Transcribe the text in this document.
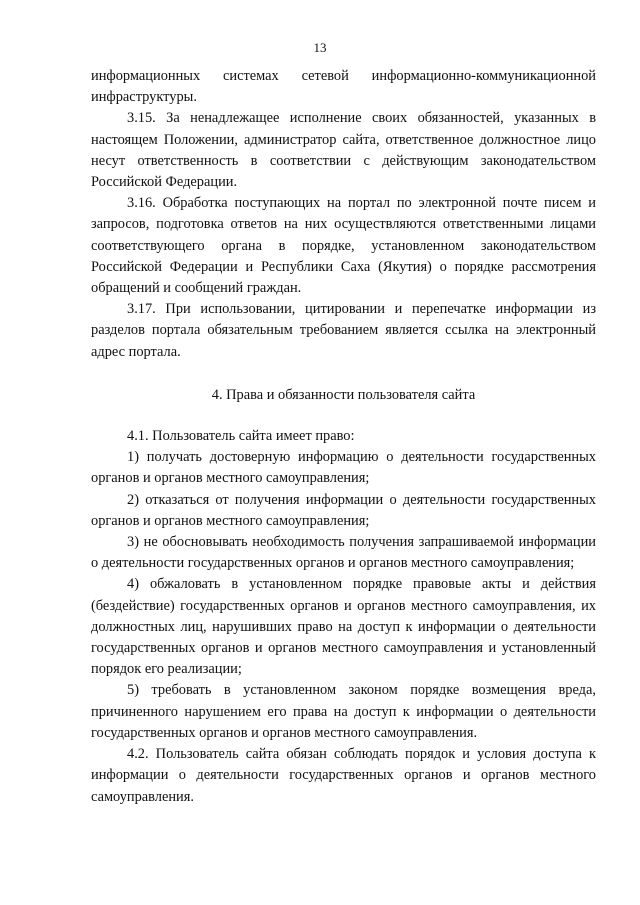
13

информационных системах сетевой информационно-коммуникационной инфраструктуры.

3.15. За ненадлежащее исполнение своих обязанностей, указанных в настоящем Положении, администратор сайта, ответственное должностное лицо несут ответственность в соответствии с действующим законодательством Российской Федерации.

3.16. Обработка поступающих на портал по электронной почте писем и запросов, подготовка ответов на них осуществляются ответственными лицами соответствующего органа в порядке, установленном законодательством Российской Федерации и Республики Саха (Якутия) о порядке рассмотрения обращений и сообщений граждан.

3.17. При использовании, цитировании и перепечатке информации из разделов портала обязательным требованием является ссылка на электронный адрес портала.

4. Права и обязанности пользователя сайта

4.1. Пользователь сайта имеет право:

1) получать достоверную информацию о деятельности государственных органов и органов местного самоуправления;

2) отказаться от получения информации о деятельности государственных органов и органов местного самоуправления;

3) не обосновывать необходимость получения запрашиваемой информации о деятельности государственных органов и органов местного самоуправления;

4) обжаловать в установленном порядке правовые акты и действия (бездействие) государственных органов и органов местного самоуправления, их должностных лиц, нарушивших право на доступ к информации о деятельности государственных органов и органов местного самоуправления и установленный порядок его реализации;

5) требовать в установленном законом порядке возмещения вреда, причиненного нарушением его права на доступ к информации о деятельности государственных органов и органов местного самоуправления.

4.2. Пользователь сайта обязан соблюдать порядок и условия доступа к информации о деятельности государственных органов и органов местного самоуправления.
